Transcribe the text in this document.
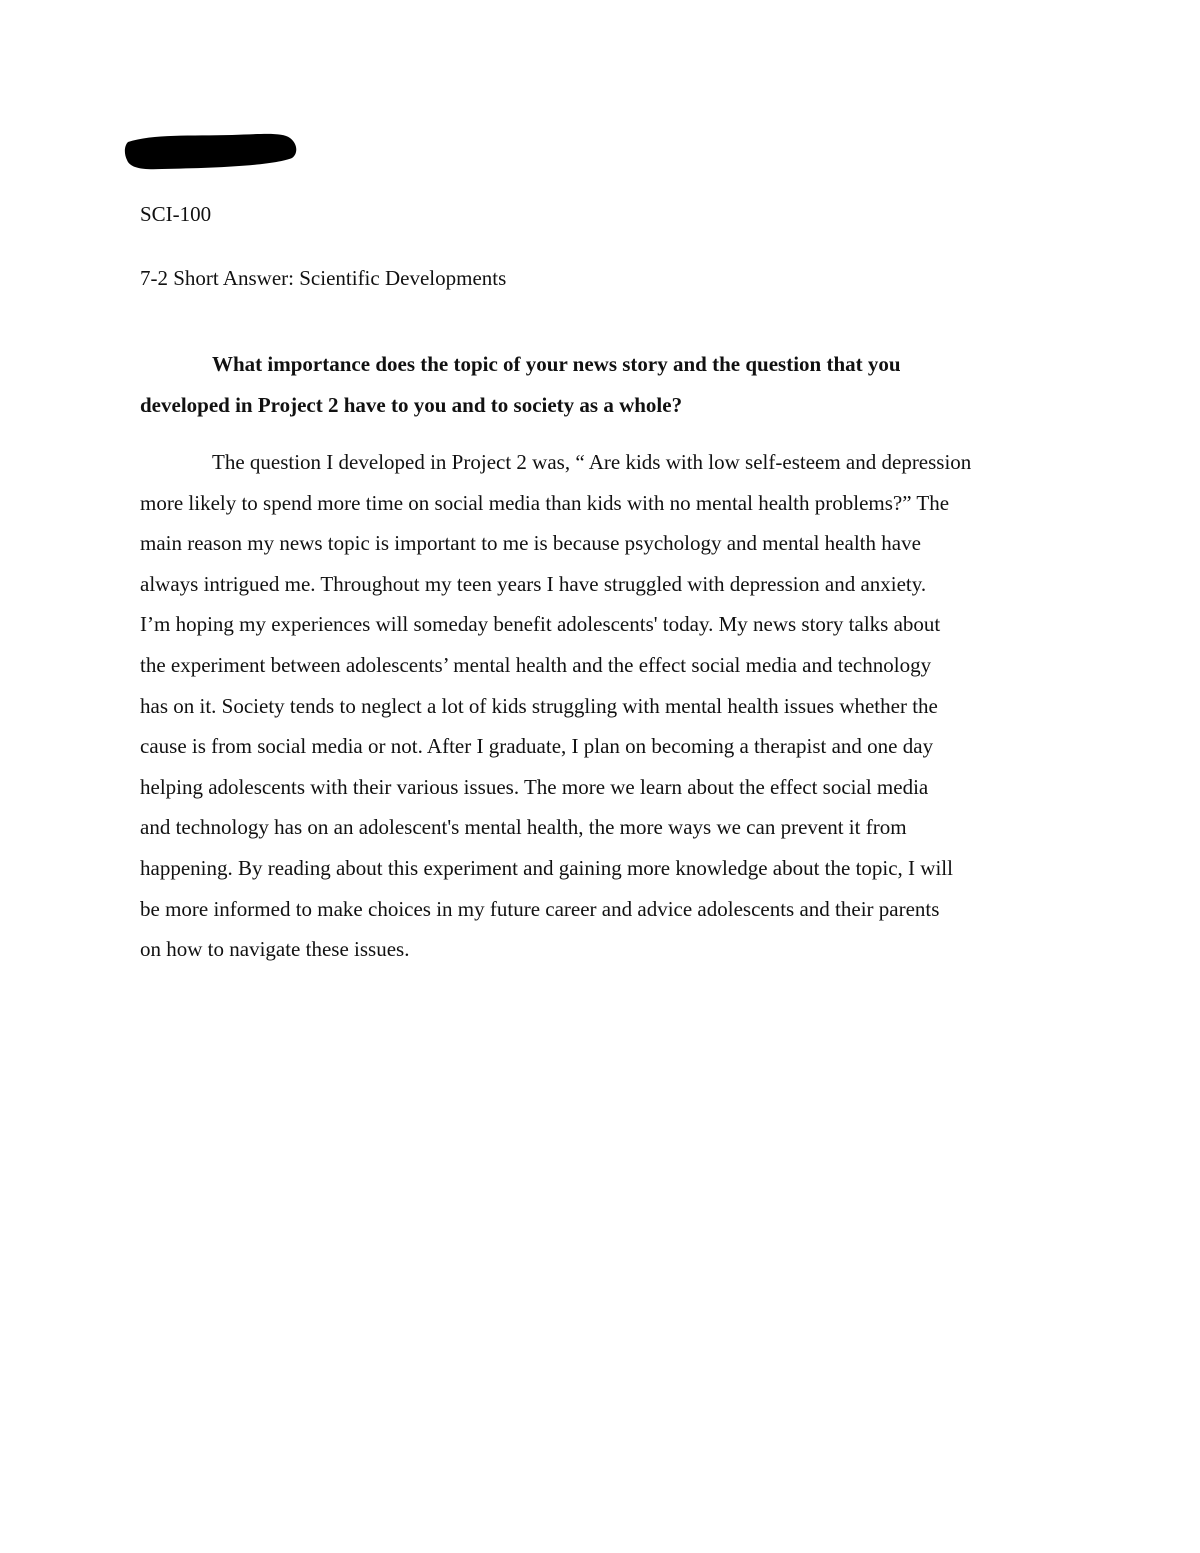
SCI-100
7-2 Short Answer: Scientific Developments
What importance does the topic of your news story and the question that you
developed in Project 2 have to you and to society as a whole?
The question I developed in Project 2 was, “ Are kids with low self-esteem and depression
more likely to spend more time on social media than kids with no mental health problems?” The
main reason my news topic is important to me is because psychology and mental health have
always intrigued me. Throughout my teen years I have struggled with depression and anxiety.
I’m hoping my experiences will someday benefit adolescents' today. My news story talks about
the experiment between adolescents’ mental health and the effect social media and technology
has on it. Society tends to neglect a lot of kids struggling with mental health issues whether the
cause is from social media or not. After I graduate, I plan on becoming a therapist and one day
helping adolescents with their various issues. The more we learn about the effect social media
and technology has on an adolescent's mental health, the more ways we can prevent it from
happening. By reading about this experiment and gaining more knowledge about the topic, I will
be more informed to make choices in my future career and advice adolescents and their parents
on how to navigate these issues.
